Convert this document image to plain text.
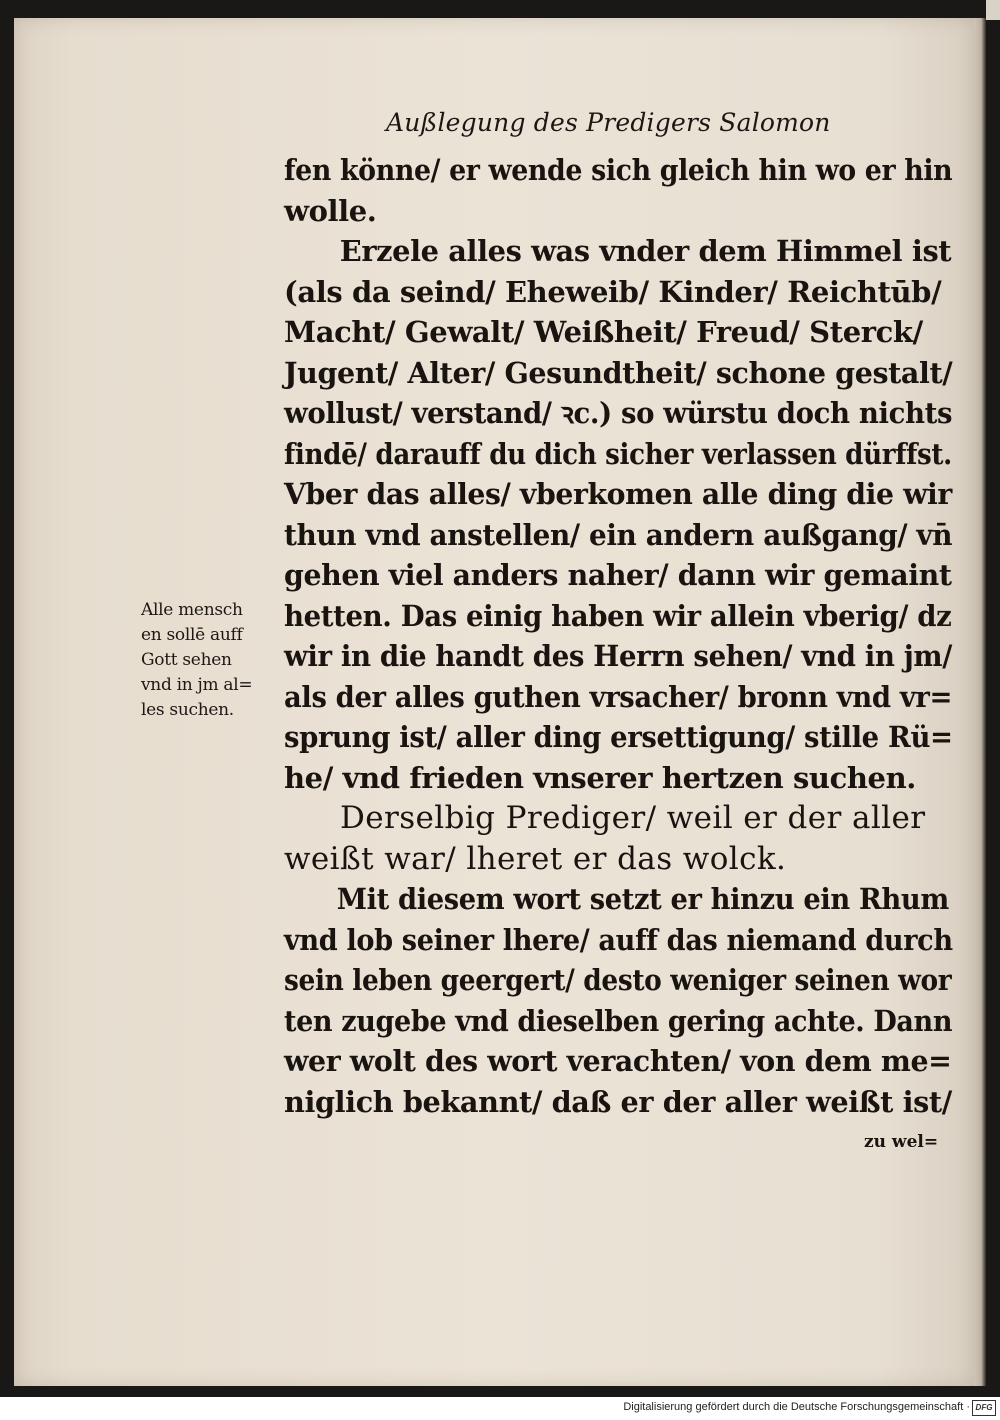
Außlegung des Predigers Salomon
fen könne/ er wende sich gleich hin wo er hin
wolle.
Erzele alles was vnder dem Himmel ist
(als da seind/ Eheweib/ Kinder/ Reichtūb/
Macht/ Gewalt/ Weißheit/ Freud/ Sterck/
Jugent/ Alter/ Gesundtheit/ schone gestalt/
wollust/ verstand/ ꝛc.) so würstu doch nichts
findē/ darauff du dich sicher verlassen dürffst.
Vber das alles/ vberkomen alle ding die wir
thun vnd anstellen/ ein andern außgang/ vn̄
gehen viel anders naher/ dann wir gemaint
hetten. Das einig haben wir allein vberig/ dz
wir in die handt des Herrn sehen/ vnd in jm/
als der alles guthen vrsacher/ bronn vnd vr=
sprung ist/ aller ding ersettigung/ stille Rü=
he/ vnd frieden vnserer hertzen suchen.
Derselbig Prediger/ weil er der aller
weißt war/ lheret er das wolck.
Mit diesem wort setzt er hinzu ein Rhum
vnd lob seiner lhere/ auff das niemand durch
sein leben geergert/ desto weniger seinen wor
ten zugebe vnd dieselben gering achte. Dann
wer wolt des wort verachten/ von dem me=
niglich bekannt/ daß er der aller weißt ist/
zu wel=
Alle mensch
en sollē auff
Gott sehen
vnd in jm al=
les suchen.
Digitalisierung gefördert durch die Deutsche Forschungsgemeinschaft · DFG
